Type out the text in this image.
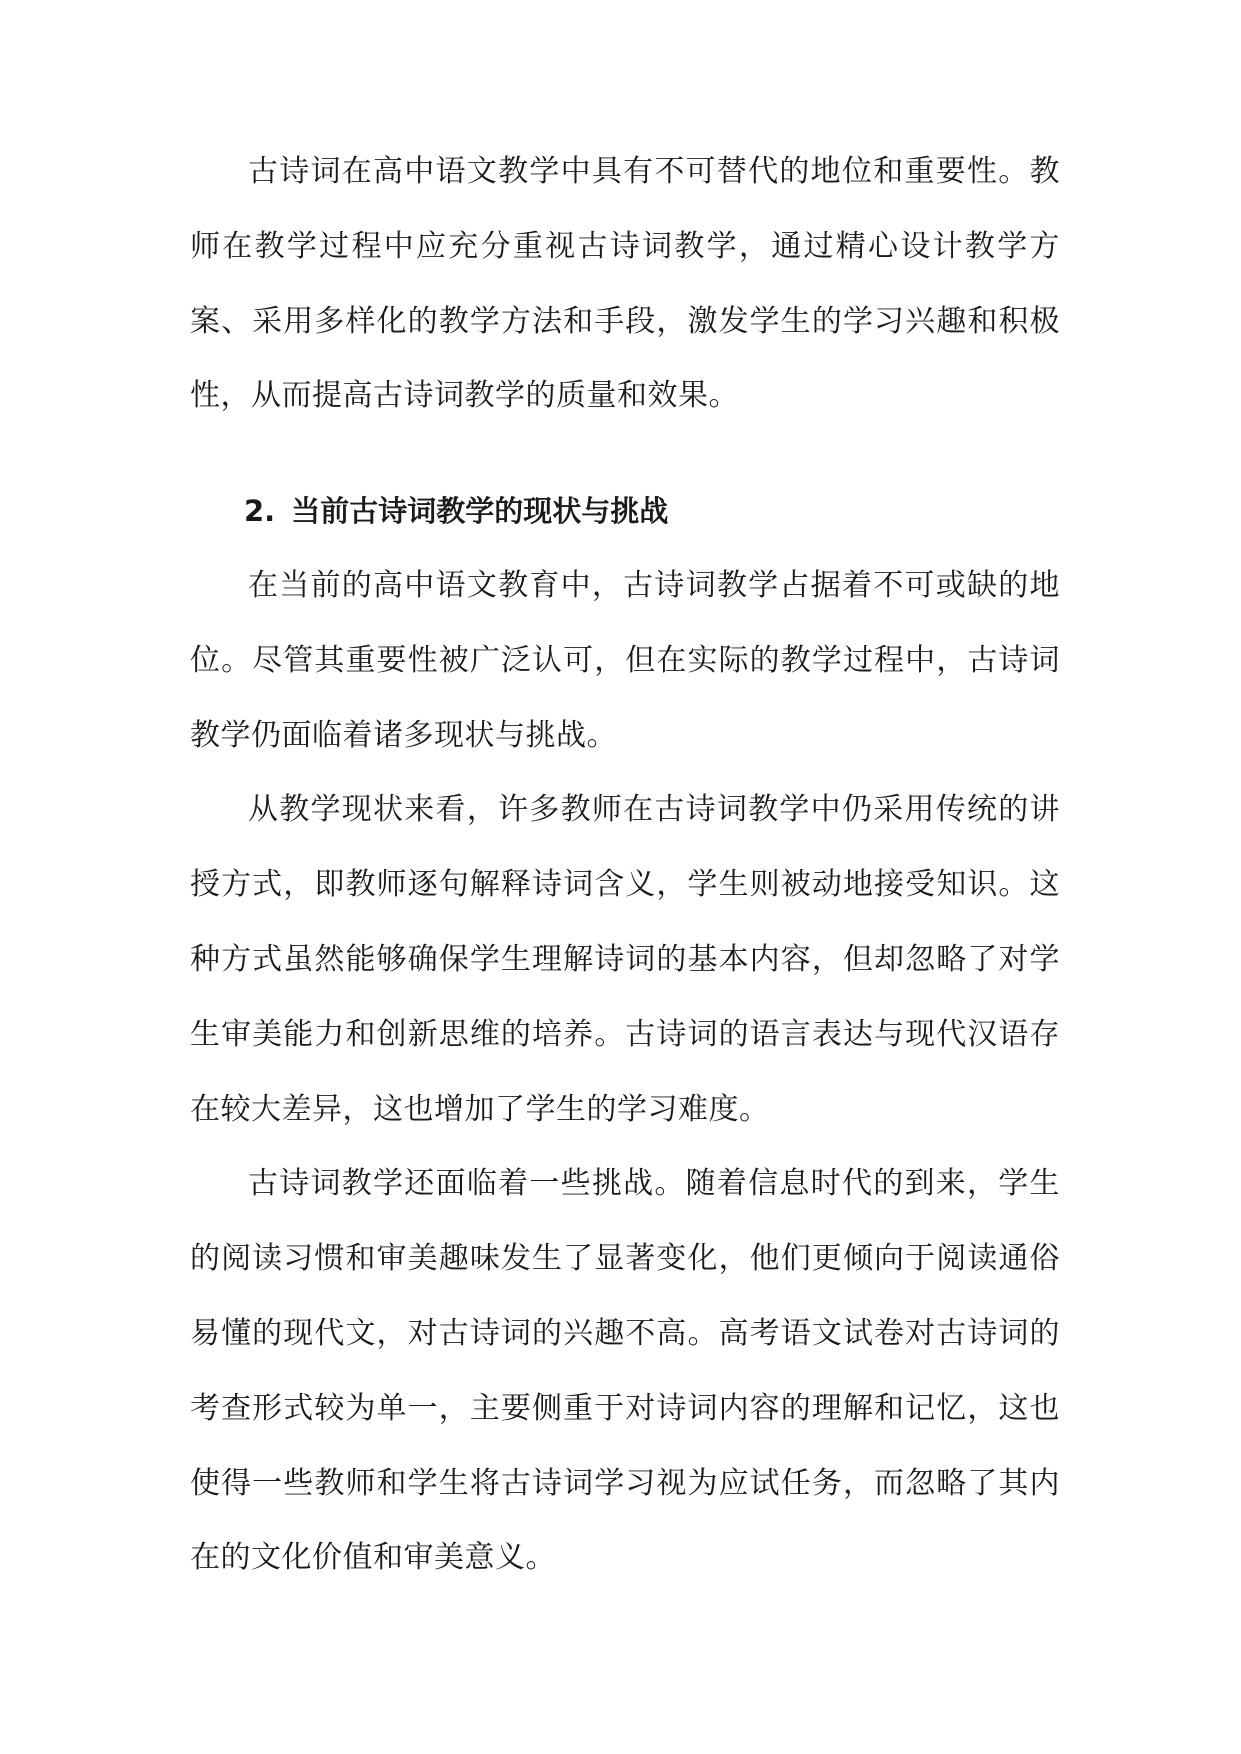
古诗词在高中语文教学中具有不可替代的地位和重要性。教师在教学过程中应充分重视古诗词教学，通过精心设计教学方案、采用多样化的教学方法和手段，激发学生的学习兴趣和积极性，从而提高古诗词教学的质量和效果。

2. 当前古诗词教学的现状与挑战

在当前的高中语文教育中，古诗词教学占据着不可或缺的地位。尽管其重要性被广泛认可，但在实际的教学过程中，古诗词教学仍面临着诸多现状与挑战。

从教学现状来看，许多教师在古诗词教学中仍采用传统的讲授方式，即教师逐句解释诗词含义，学生则被动地接受知识。这种方式虽然能够确保学生理解诗词的基本内容，但却忽略了对学生审美能力和创新思维的培养。古诗词的语言表达与现代汉语存在较大差异，这也增加了学生的学习难度。

古诗词教学还面临着一些挑战。随着信息时代的到来，学生的阅读习惯和审美趣味发生了显著变化，他们更倾向于阅读通俗易懂的现代文，对古诗词的兴趣不高。高考语文试卷对古诗词的考查形式较为单一，主要侧重于对诗词内容的理解和记忆，这也使得一些教师和学生将古诗词学习视为应试任务，而忽略了其内在的文化价值和审美意义。
